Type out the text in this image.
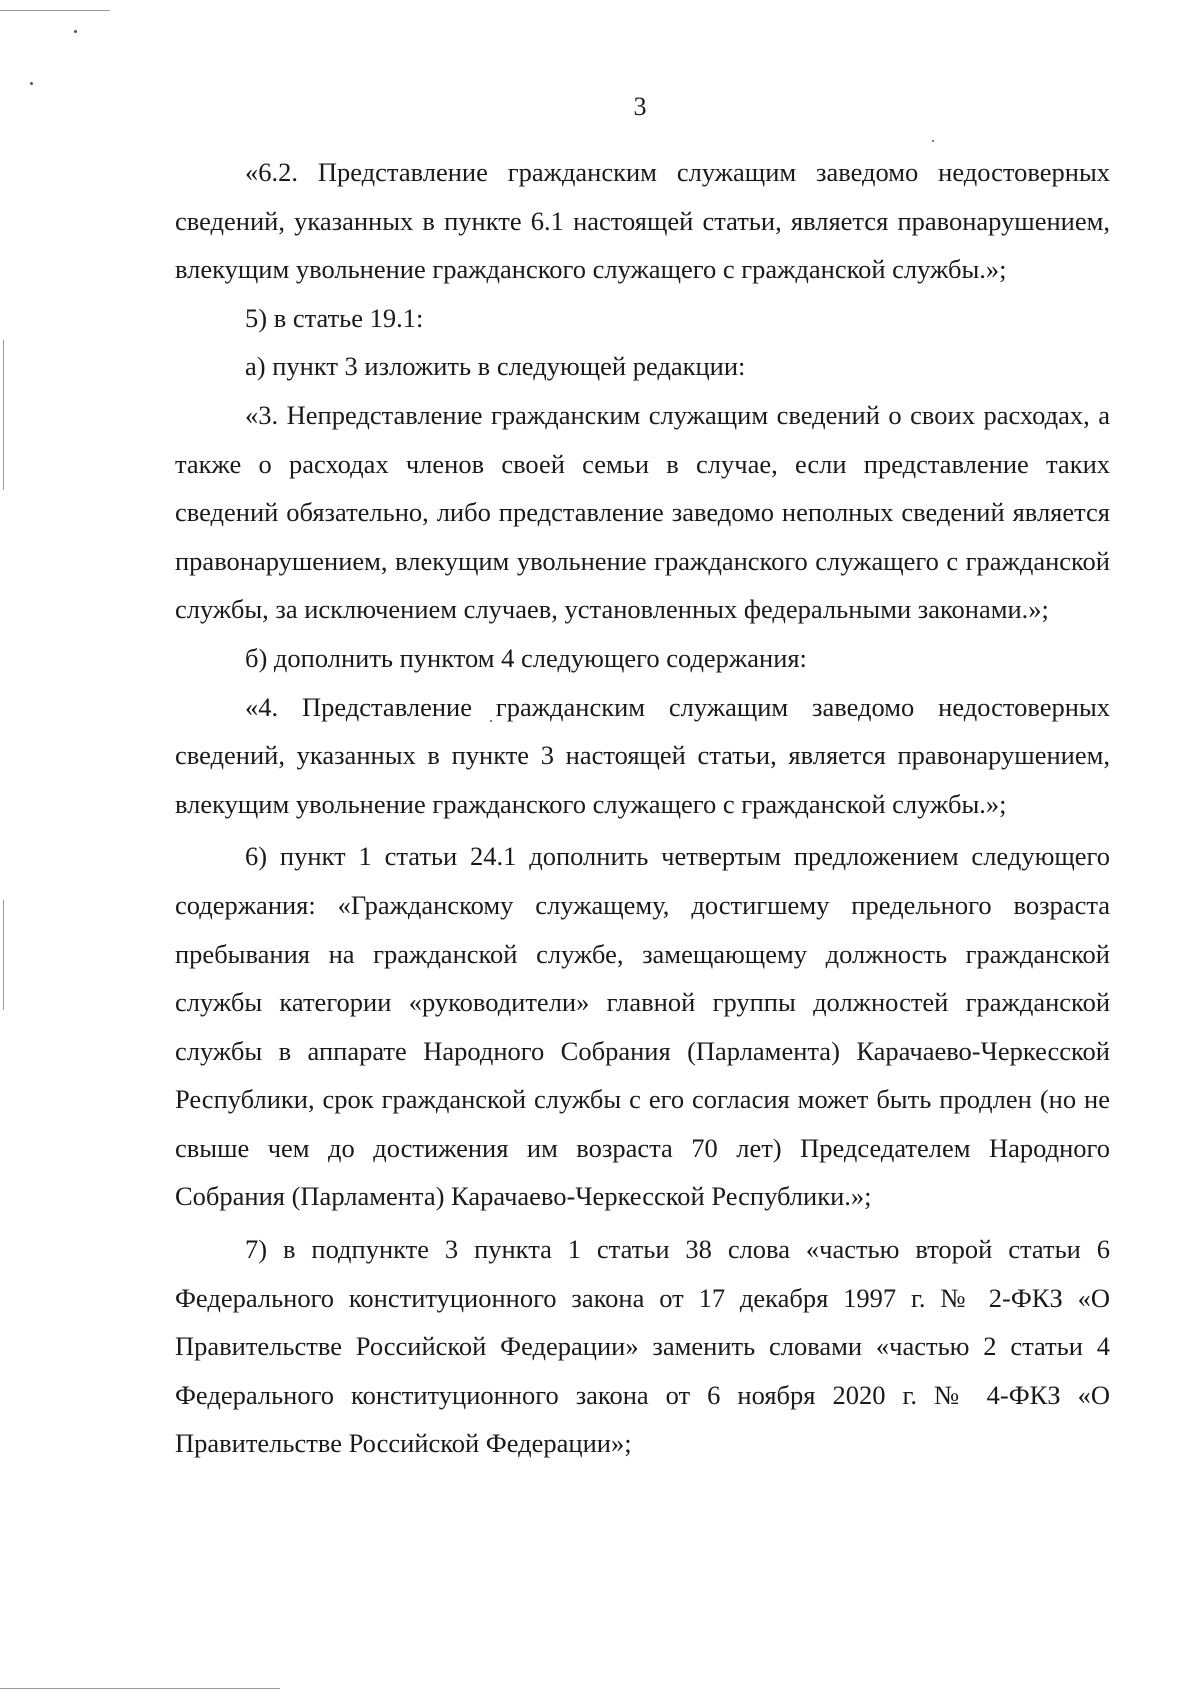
3

«6.2. Представление гражданским служащим заведомо недостоверных сведений, указанных в пункте 6.1 настоящей статьи, является правонарушением, влекущим увольнение гражданского служащего с гражданской службы.»;

5) в статье 19.1:

а) пункт 3 изложить в следующей редакции:

«3. Непредставление гражданским служащим сведений о своих расходах, а также о расходах членов своей семьи в случае, если представление таких сведений обязательно, либо представление заведомо неполных сведений является правонарушением, влекущим увольнение гражданского служащего с гражданской службы, за исключением случаев, установленных федеральными законами.»;

б) дополнить пунктом 4 следующего содержания:

«4. Представление гражданским служащим заведомо недостоверных сведений, указанных в пункте 3 настоящей статьи, является правонарушением, влекущим увольнение гражданского служащего с гражданской службы.»;

6) пункт 1 статьи 24.1 дополнить четвертым предложением следующего содержания: «Гражданскому служащему, достигшему предельного возраста пребывания на гражданской службе, замещающему должность гражданской службы категории «руководители» главной группы должностей гражданской службы в аппарате Народного Собрания (Парламента) Карачаево-Черкесской Республики, срок гражданской службы с его согласия может быть продлен (но не свыше чем до достижения им возраста 70 лет) Председателем Народного Собрания (Парламента) Карачаево-Черкесской Республики.»;

7) в подпункте 3 пункта 1 статьи 38 слова «частью второй статьи 6 Федерального конституционного закона от 17 декабря 1997 г. № 2-ФКЗ «О Правительстве Российской Федерации» заменить словами «частью 2 статьи 4 Федерального конституционного закона от 6 ноября 2020 г. № 4-ФКЗ «О Правительстве Российской Федерации»;
